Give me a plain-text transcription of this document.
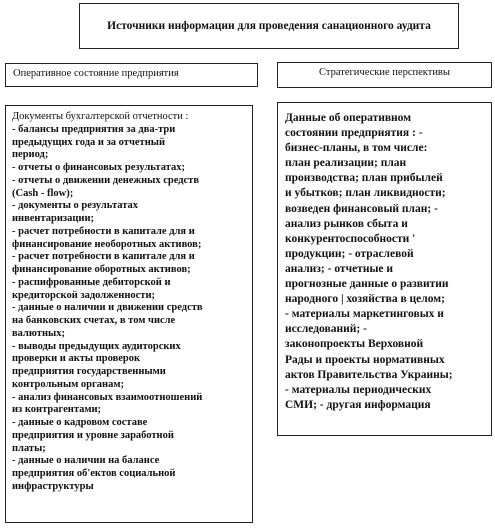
Источники информации для проведения санационного аудита
Оперативное состояние предприятия	Стратегические перспективы
Документы бухгалтерской отчетности :
- балансы предприятия за два-три
предыдущих года и за отчетный
период;
- отчеты о финансовых результатах;
- отчеты о движении денежных средств
(Cash - flow);
- документы о результатах
инвентаризации;
- расчет потребности в капитале для и
финансирование необоротных активов;
- расчет потребности в капитале для и
финансирование оборотных активов;
- распифрованные дебиторской и
кредиторской задолженности;
- данные о наличии и движении средств
на банковских счетах, в том числе
валютных;
- выводы предыдущих аудиторских
проверки и акты проверок
предприятия государственными
контрольным органам;
- анализ финансовых взаимоотношений
из контрагентами;
- данные о кадровом составе
предприятия и уровне заработной
платы;
- данные о наличии на балансе
предприятия об'ектов социальной
инфраструктуры
Данные об оперативном
состоянии предприятия : -
бизнес-планы, в том числе:
план реализации; план
производства; план прибылей
и убытков; план ликвидности;
возведен финансовый план; -
анализ рынков сбыта и
конкурентоспособности '
продукции; - отраслевой
анализ; - отчетные и
прогнозные данные о развитии
народного | хозяйства в целом;
- материалы маркетинговых и
исследований; -
законопроекты Верховной
Рады и проекты нормативных
актов Правительства Украины;
- материалы периодических
СМИ; - другая информация
